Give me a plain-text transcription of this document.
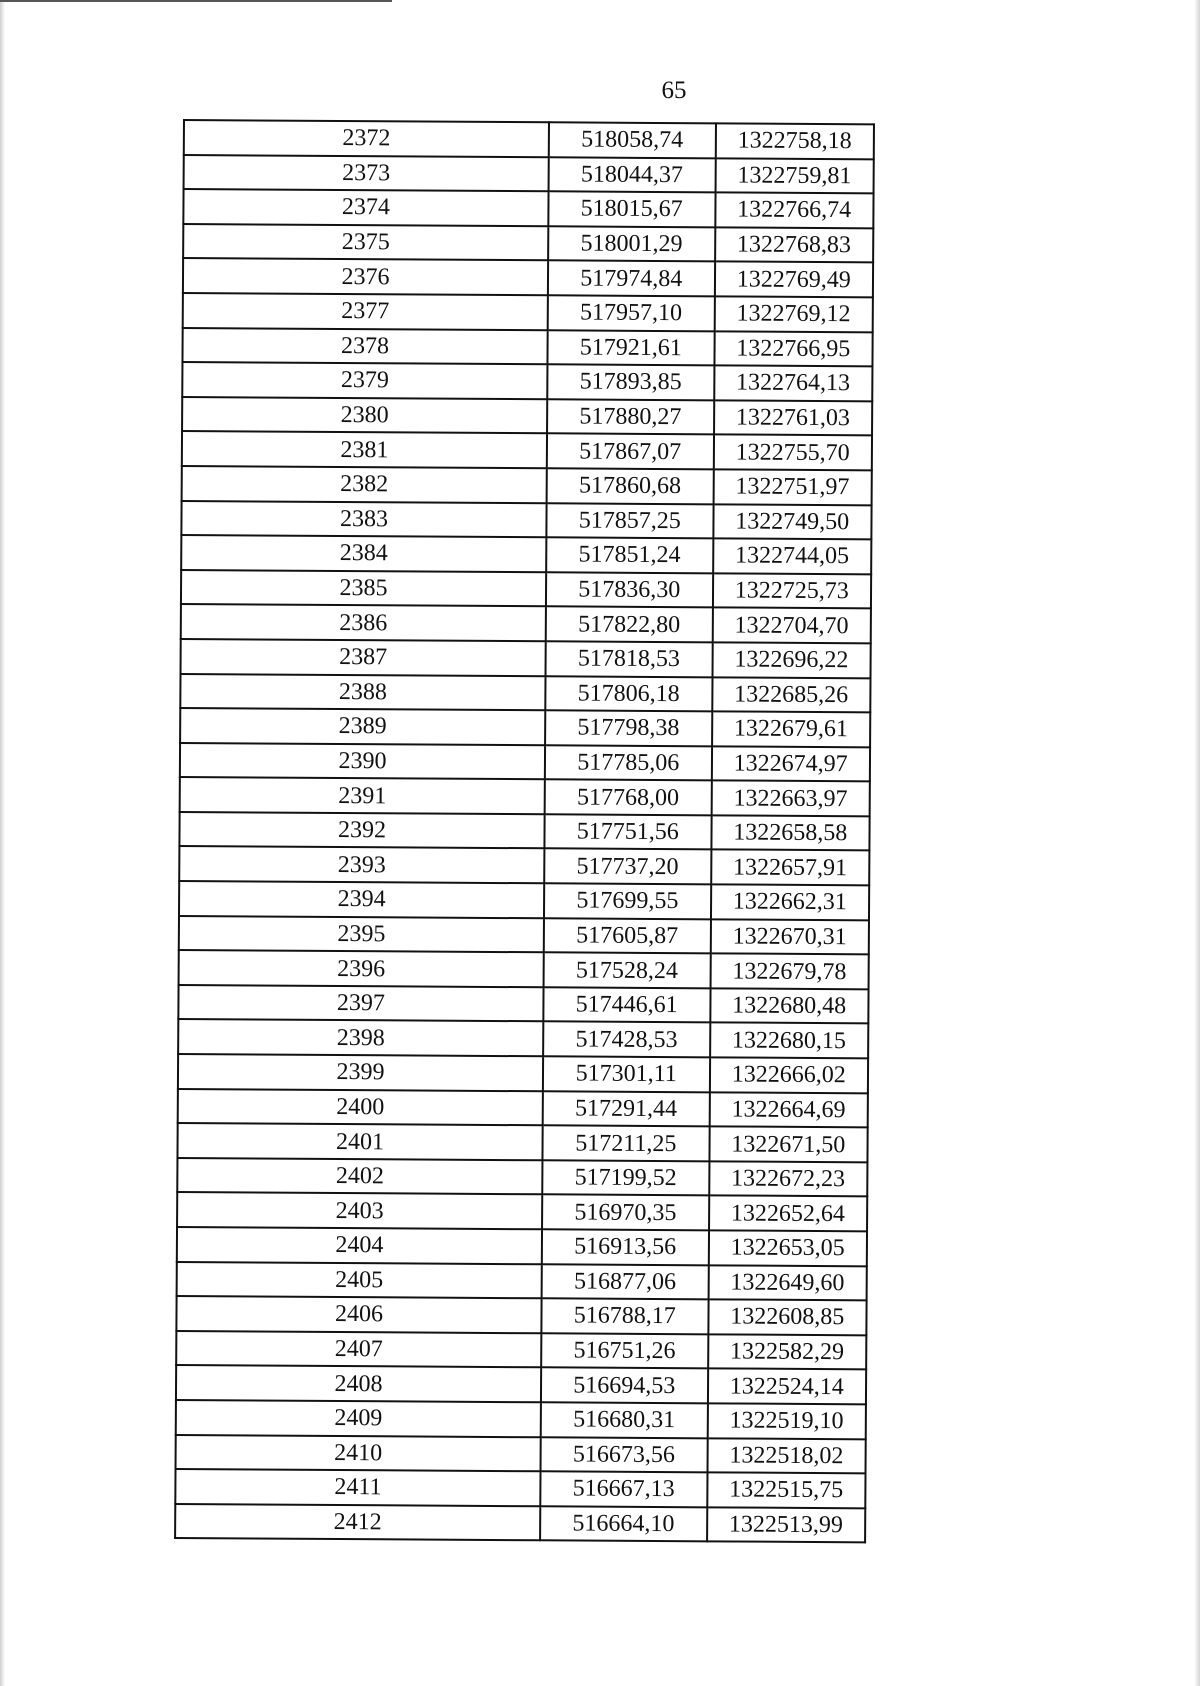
65
2372	518058,74	1322758,18
2373	518044,37	1322759,81
2374	518015,67	1322766,74
2375	518001,29	1322768,83
2376	517974,84	1322769,49
2377	517957,10	1322769,12
2378	517921,61	1322766,95
2379	517893,85	1322764,13
2380	517880,27	1322761,03
2381	517867,07	1322755,70
2382	517860,68	1322751,97
2383	517857,25	1322749,50
2384	517851,24	1322744,05
2385	517836,30	1322725,73
2386	517822,80	1322704,70
2387	517818,53	1322696,22
2388	517806,18	1322685,26
2389	517798,38	1322679,61
2390	517785,06	1322674,97
2391	517768,00	1322663,97
2392	517751,56	1322658,58
2393	517737,20	1322657,91
2394	517699,55	1322662,31
2395	517605,87	1322670,31
2396	517528,24	1322679,78
2397	517446,61	1322680,48
2398	517428,53	1322680,15
2399	517301,11	1322666,02
2400	517291,44	1322664,69
2401	517211,25	1322671,50
2402	517199,52	1322672,23
2403	516970,35	1322652,64
2404	516913,56	1322653,05
2405	516877,06	1322649,60
2406	516788,17	1322608,85
2407	516751,26	1322582,29
2408	516694,53	1322524,14
2409	516680,31	1322519,10
2410	516673,56	1322518,02
2411	516667,13	1322515,75
2412	516664,10	1322513,99
